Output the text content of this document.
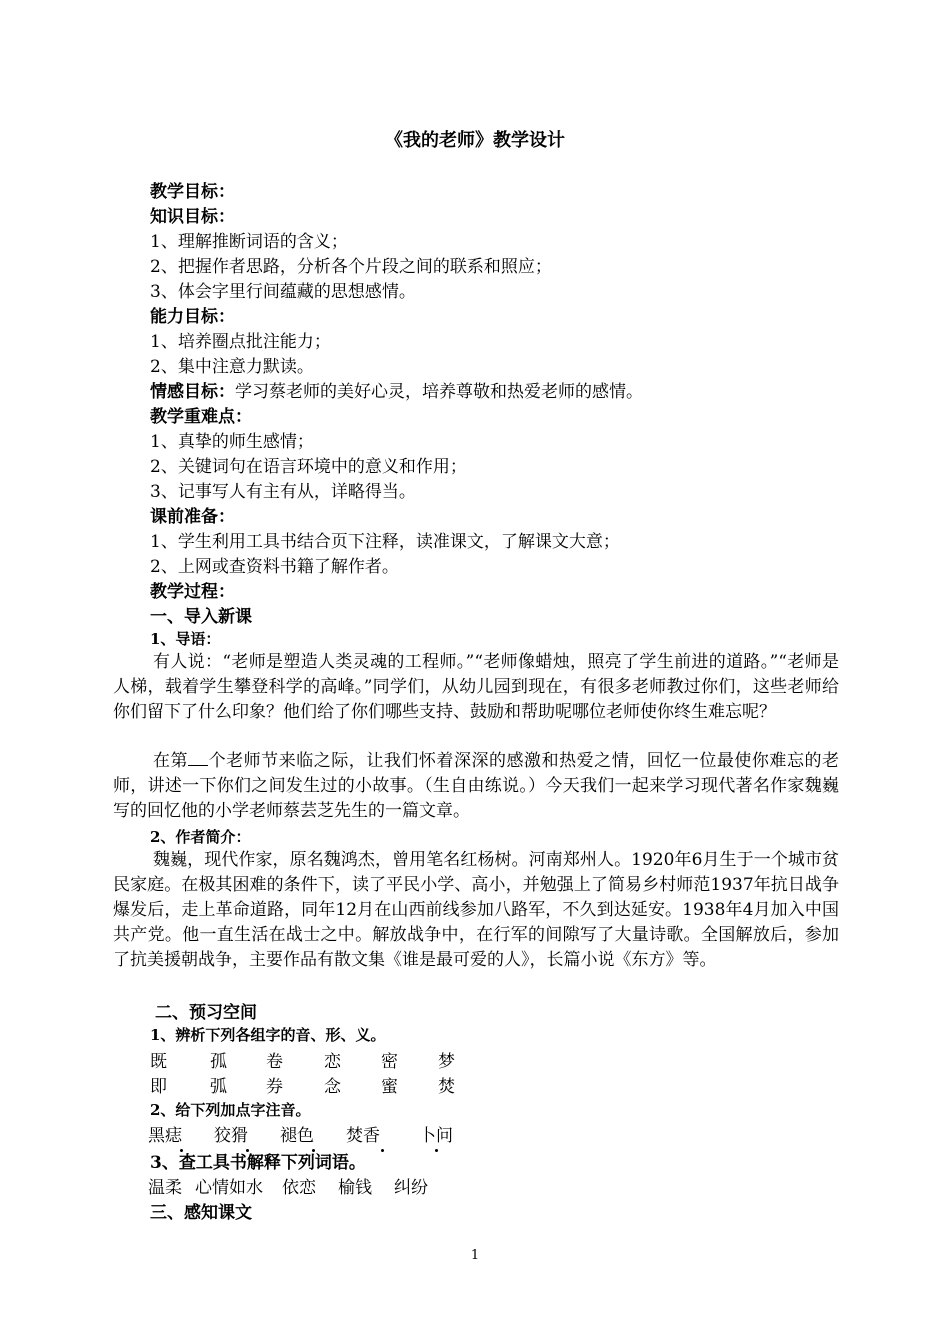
《我的老师》教学设计
教学目标：
知识目标：
1、理解推断词语的含义；
2、把握作者思路，分析各个片段之间的联系和照应；
3、体会字里行间蕴藏的思想感情。
能力目标：
1、培养圈点批注能力；
2、集中注意力默读。
情感目标：学习蔡老师的美好心灵，培养尊敬和热爱老师的感情。
教学重难点：
1、真挚的师生感情；
2、关键词句在语言环境中的意义和作用；
3、记事写人有主有从，详略得当。
课前准备：
1、学生利用工具书结合页下注释，读准课文，了解课文大意；
2、上网或查资料书籍了解作者。
教学过程：
一、导入新课
1、导语：
有人说：“老师是塑造人类灵魂的工程师。”“老师像蜡烛，照亮了学生前进的道路。”“老师是人梯，载着学生攀登科学的高峰。”同学们，从幼儿园到现在，有很多老师教过你们，这些老师给你们留下了什么印象？他们给了你们哪些支持、鼓励和帮助呢哪位老师使你终生难忘呢？
在第 个老师节来临之际，让我们怀着深深的感激和热爱之情，回忆一位最使你难忘的老师，讲述一下你们之间发生过的小故事。（生自由练说。）今天我们一起来学习现代著名作家魏巍写的回忆他的小学老师蔡芸芝先生的一篇文章。
2、作者简介：
魏巍，现代作家，原名魏鸿杰，曾用笔名红杨树。河南郑州人。1920年6月生于一个城市贫民家庭。在极其困难的条件下，读了平民小学、高小，并勉强上了简易乡村师范1937年抗日战争爆发后，走上革命道路，同年12月在山西前线参加八路军，不久到达延安。1938年4月加入中国共产党。他一直生活在战士之中。解放战争中，在行军的间隙写了大量诗歌。全国解放后，参加了抗美援朝战争，主要作品有散文集《谁是最可爱的人》，长篇小说《东方》等。
二、预习空间
1、辨析下列各组字的音、形、义。
既	孤	卷	恋	密	梦
即	弧	券	念	蜜	焚
2、给下列加点字注音。
黑痣	狡猾	褪色	焚香	卜问
3、查工具书解释下列词语。
温柔 心情如水	依恋	榆钱	纠纷
三、感知课文
1
